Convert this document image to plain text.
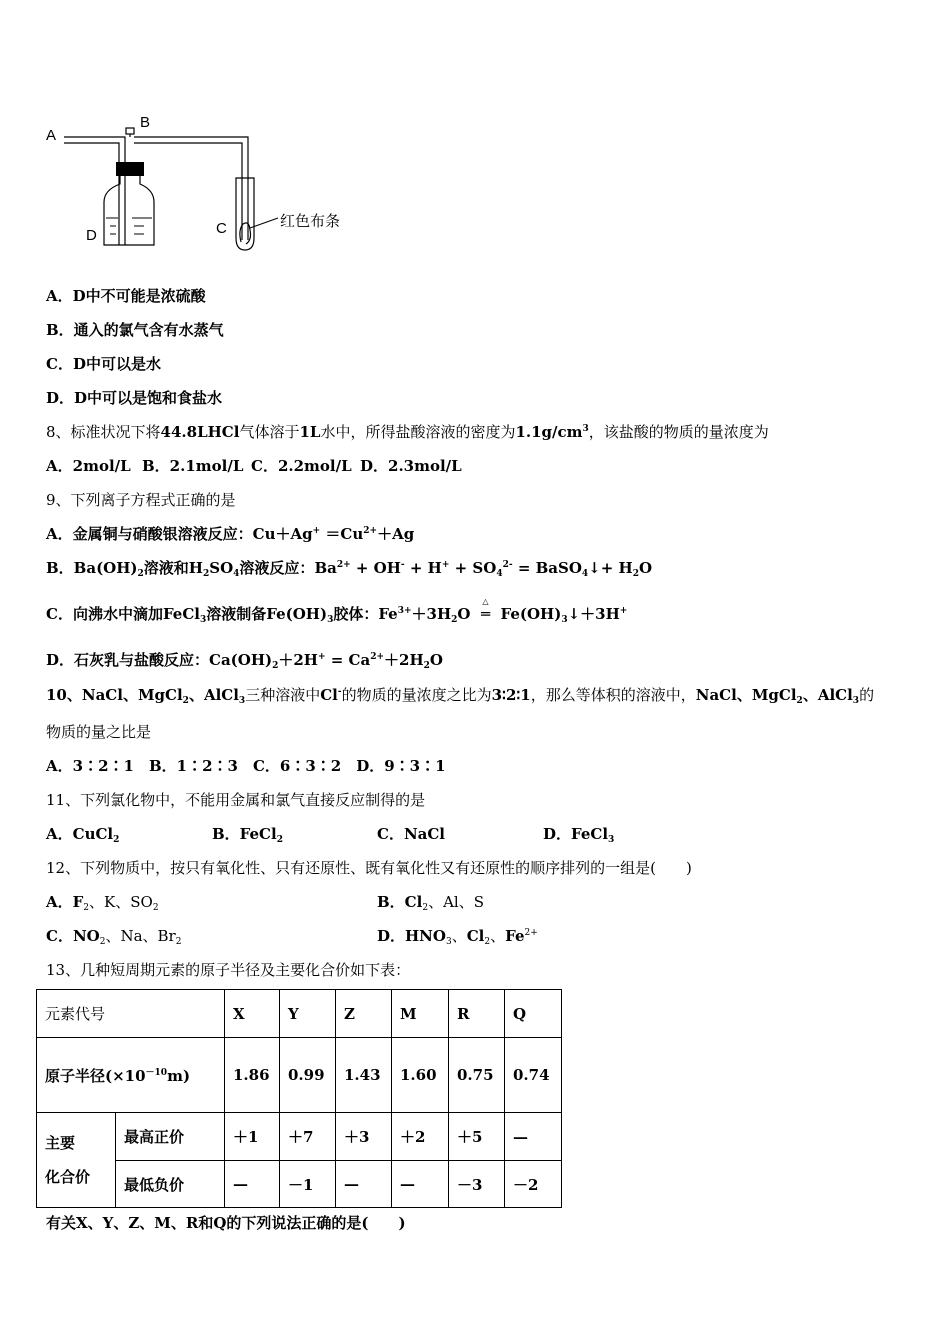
A
B
C
D
红色布条
A．D中不可能是浓硫酸
B．通入的氯气含有水蒸气
C．D中可以是水
D．D中可以是饱和食盐水
8、标准状况下将44.8LHCl气体溶于1L水中，所得盐酸溶液的密度为$1.1g/cm^3$，该盐酸的物质的量浓度为
A．2mol/L B．2.1mol/L C．2.2mol/L D．2.3mol/L
9、下列离子方程式正确的是
A．金属铜与硝酸银溶液反应：$Cu+Ag^+ =Cu^{2+}+Ag$
B．$Ba(OH)_2$溶液和$H_2SO_4$溶液反应：$Ba^{2+} + OH^- + H^+ + SO_4^{2-}$ = BaSO$_4$↓+ $H_2O$
C．向沸水中滴加FeCl$_3$溶液制备$Fe(OH)_3$胶体：$Fe^{3+}+3H_2O$
△
═ $Fe(OH)_3↓+3H^+$
D．石灰乳与盐酸反应：$Ca(OH)_2+2H^+ = Ca^{2+}+2H_2O$
10、NaCl、MgCl$_2$、AlCl$_3$三种溶液中Cl-的物质的量浓度之比为3∶2∶1，那么等体积的溶液中，NaCl、MgCl$_2$、AlCl$_3$的
物质的量之比是
A．3∶2∶1　B．1∶2∶3　C．6∶3∶2　D．9∶3∶1
11、下列氯化物中，不能用金属和氯气直接反应制得的是
A．CuCl$_2$	B．FeCl$_2$	C．NaCl	D．FeCl$_3$
12、下列物质中，按只有氧化性、只有还原性、既有氧化性又有还原性的顺序排列的一组是(　　)
A．$F_2$、K、$SO_2$	B．$Cl_2$、Al、S
C．$NO_2$、Na、$Br_2$	D．$HNO_3$、$Cl_2$、$Fe^{2+}$
13、几种短周期元素的原子半径及主要化合价如下表：
元素代号		X	Y	Z	M	R	Q
原子半径$(\times 10^{-10}m)$		1.86	0.99	1.43	1.60	0.75	0.74
主要
化合价	最高正价	＋1	＋7	＋3	＋2	＋5	—
	最低负价	—	－1	—	—	－3	－2
有关X、Y、Z、M、R和Q的下列说法正确的是(　　)
